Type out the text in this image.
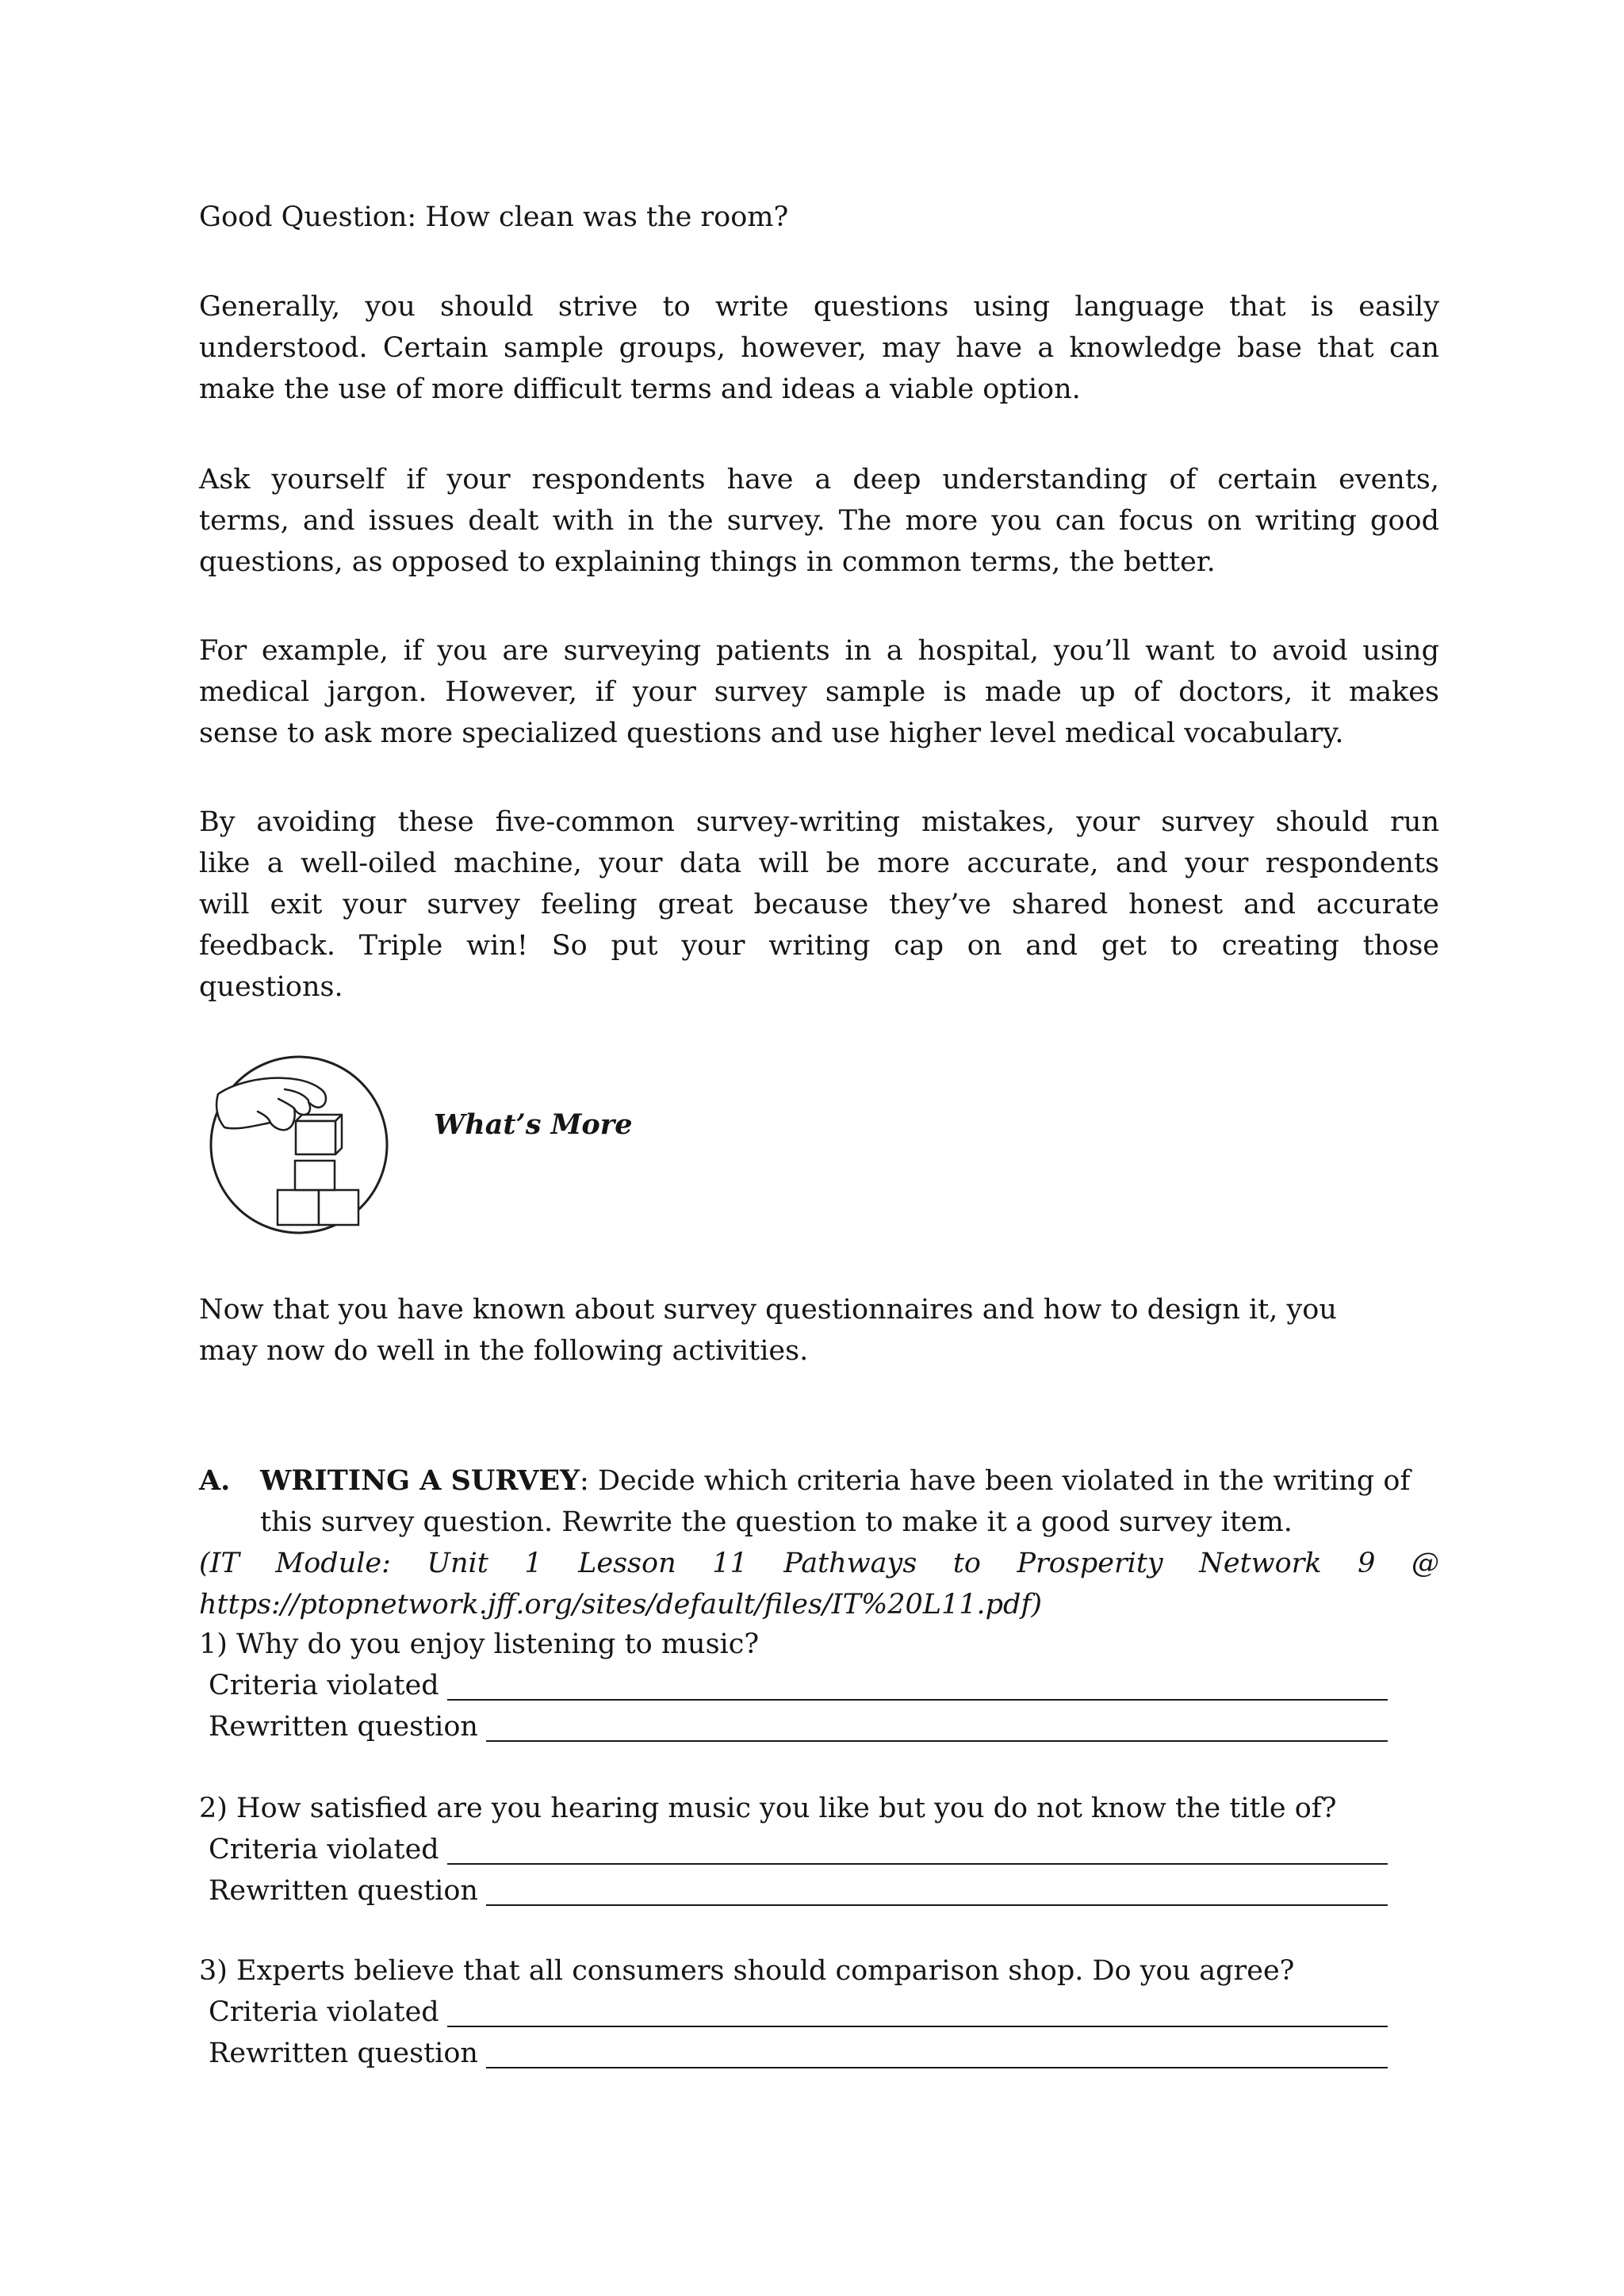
Good Question: How clean was the room?
Generally, you should strive to write questions using language that is easily
understood. Certain sample groups, however, may have a knowledge base that can
make the use of more difficult terms and ideas a viable option.
Ask yourself if your respondents have a deep understanding of certain events,
terms, and issues dealt with in the survey. The more you can focus on writing good
questions, as opposed to explaining things in common terms, the better.
For example, if you are surveying patients in a hospital, you’ll want to avoid using
medical jargon. However, if your survey sample is made up of doctors, it makes
sense to ask more specialized questions and use higher level medical vocabulary.
By avoiding these five-common survey-writing mistakes, your survey should run
like a well-oiled machine, your data will be more accurate, and your respondents
will exit your survey feeling great because they’ve shared honest and accurate
feedback. Triple win! So put your writing cap on and get to creating those
questions.
What’s More
Now that you have known about survey questionnaires and how to design it, you
may now do well in the following activities.
A. WRITING A SURVEY: Decide which criteria have been violated in the writing of
this survey question. Rewrite the question to make it a good survey item.
(IT Module: Unit 1 Lesson 11 Pathways to Prosperity Network 9 @
https://ptopnetwork.jff.org/sites/default/files/IT%20L11.pdf)
1) Why do you enjoy listening to music?
Criteria violated
Rewritten question
2) How satisfied are you hearing music you like but you do not know the title of?
Criteria violated
Rewritten question
3) Experts believe that all consumers should comparison shop. Do you agree?
Criteria violated
Rewritten question
